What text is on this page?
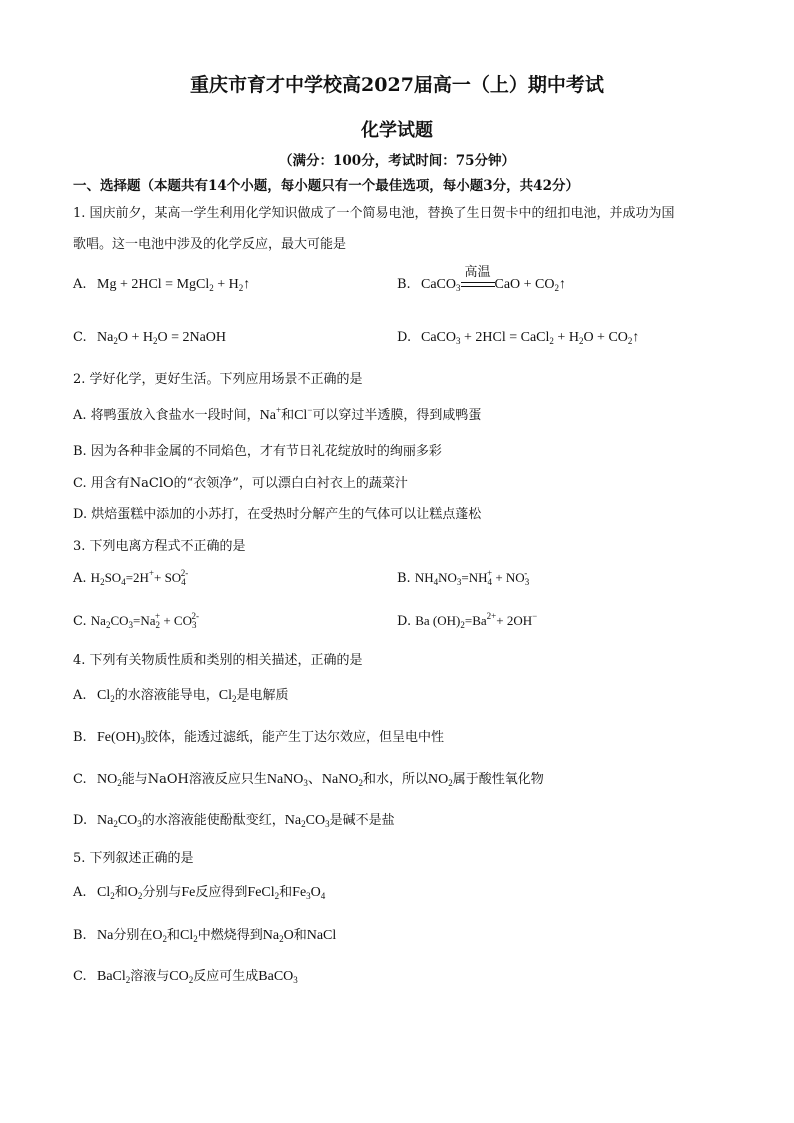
重庆市育才中学校高2027届高一（上）期中考试
化学试题
（满分：100分，考试时间：75分钟）
一、选择题（本题共有14个小题，每小题只有一个最佳选项，每小题3分，共42分）
1. 国庆前夕，某高一学生利用化学知识做成了一个简易电池，替换了生日贺卡中的纽扣电池，并成功为国
歌唱。这一电池中涉及的化学反应，最大可能是
A. Mg + 2HCl = MgCl$_2$ + $H_2↑$	B. CaCO$_3$
高温
CaO + $CO_2↑$
C. $Na_2O + H_2O$ = 2NaOH	D. CaCO$_3$ + 2HCl = CaCl$_2$ + $H_2O$ + $CO_2↑$
2. 学好化学，更好生活。下列应用场景不正确的是
A. 将鸭蛋放入食盐水一段时间，Na+和Cl−可以穿过半透膜，得到咸鸭蛋
B. 因为各种非金属的不同焰色，才有节日礼花绽放时的绚丽多彩
C. 用含有NaClO的“衣领净”，可以漂白白衬衣上的蔬菜汁
D. 烘焙蛋糕中添加的小苏打，在受热时分解产生的气体可以让糕点蓬松
3. 下列电离方程式不正确的是
A. $H_2SO_4=2H^++ SO_4^{2-}$	B. $NH_4NO_3=NH_4^+ + NO_3^-$
C. $Na_2CO_3=Na_2^+ + CO_3^{2-}$	D. Ba $(OH)_2=Ba^{2+}+ 2OH^-$
4. 下列有关物质性质和类别的相关描述，正确的是
A. $Cl_2$的水溶液能导电，$Cl_2$是电解质
B. $Fe(OH)_3$胶体，能透过滤纸，能产生丁达尔效应，但呈电中性
C. $NO_2$能与NaOH溶液反应只生NaNO$_3$、NaNO$_2$和水，所以$NO_2$属于酸性氧化物
D. $Na_2CO_3$的水溶液能使酚酞变红，$Na_2CO_3$是碱不是盐
5. 下列叙述正确的是
A. $Cl_2$和$O_2$分别与Fe反应得到FeCl$_2$和$Fe_3O_4$
B. Na分别在$O_2$和$Cl_2$中燃烧得到$Na_2O$和NaCl
C. BaCl$_2$溶液与$CO_2$反应可生成BaCO$_3$
